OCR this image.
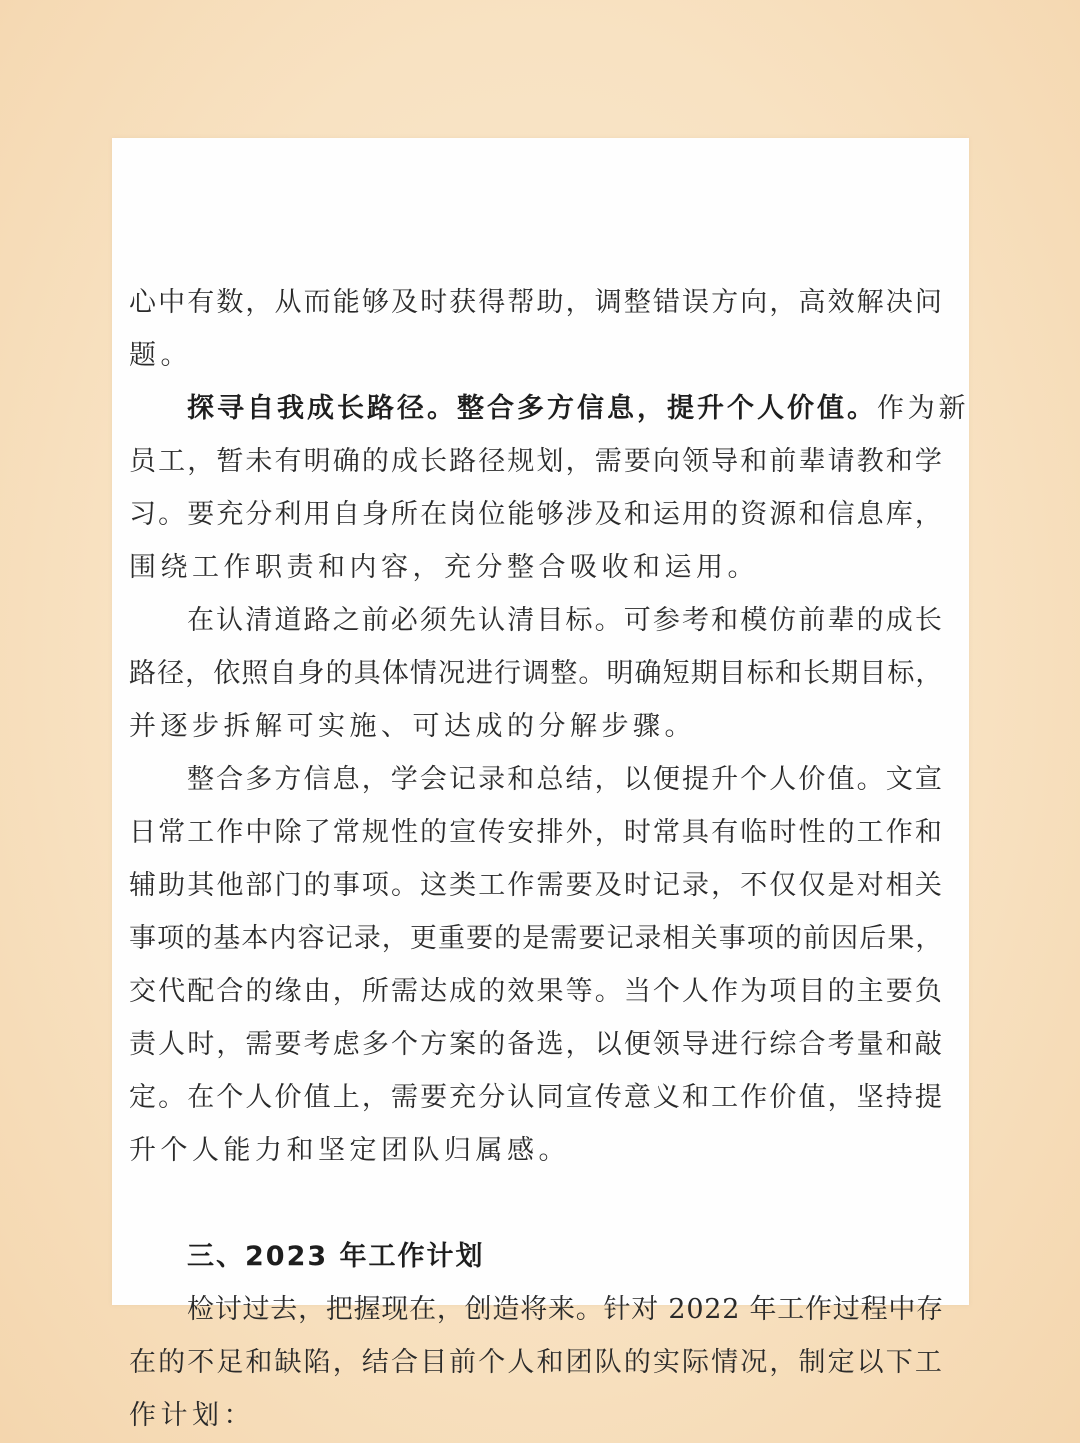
心中有数，从而能够及时获得帮助，调整错误方向，高效解决问
题。
探寻自我成长路径。整合多方信息，提升个人价值。作为新
员工，暂未有明确的成长路径规划，需要向领导和前辈请教和学
习。要充分利用自身所在岗位能够涉及和运用的资源和信息库，
围绕工作职责和内容，充分整合吸收和运用。
在认清道路之前必须先认清目标。可参考和模仿前辈的成长
路径，依照自身的具体情况进行调整。明确短期目标和长期目标，
并逐步拆解可实施、可达成的分解步骤。
整合多方信息，学会记录和总结，以便提升个人价值。文宣
日常工作中除了常规性的宣传安排外，时常具有临时性的工作和
辅助其他部门的事项。这类工作需要及时记录，不仅仅是对相关
事项的基本内容记录，更重要的是需要记录相关事项的前因后果，
交代配合的缘由，所需达成的效果等。当个人作为项目的主要负
责人时，需要考虑多个方案的备选，以便领导进行综合考量和敲
定。在个人价值上，需要充分认同宣传意义和工作价值，坚持提
升个人能力和坚定团队归属感。
三、2023 年工作计划
检讨过去，把握现在，创造将来。针对 2022 年工作过程中存
在的不足和缺陷，结合目前个人和团队的实际情况，制定以下工
作计划：
